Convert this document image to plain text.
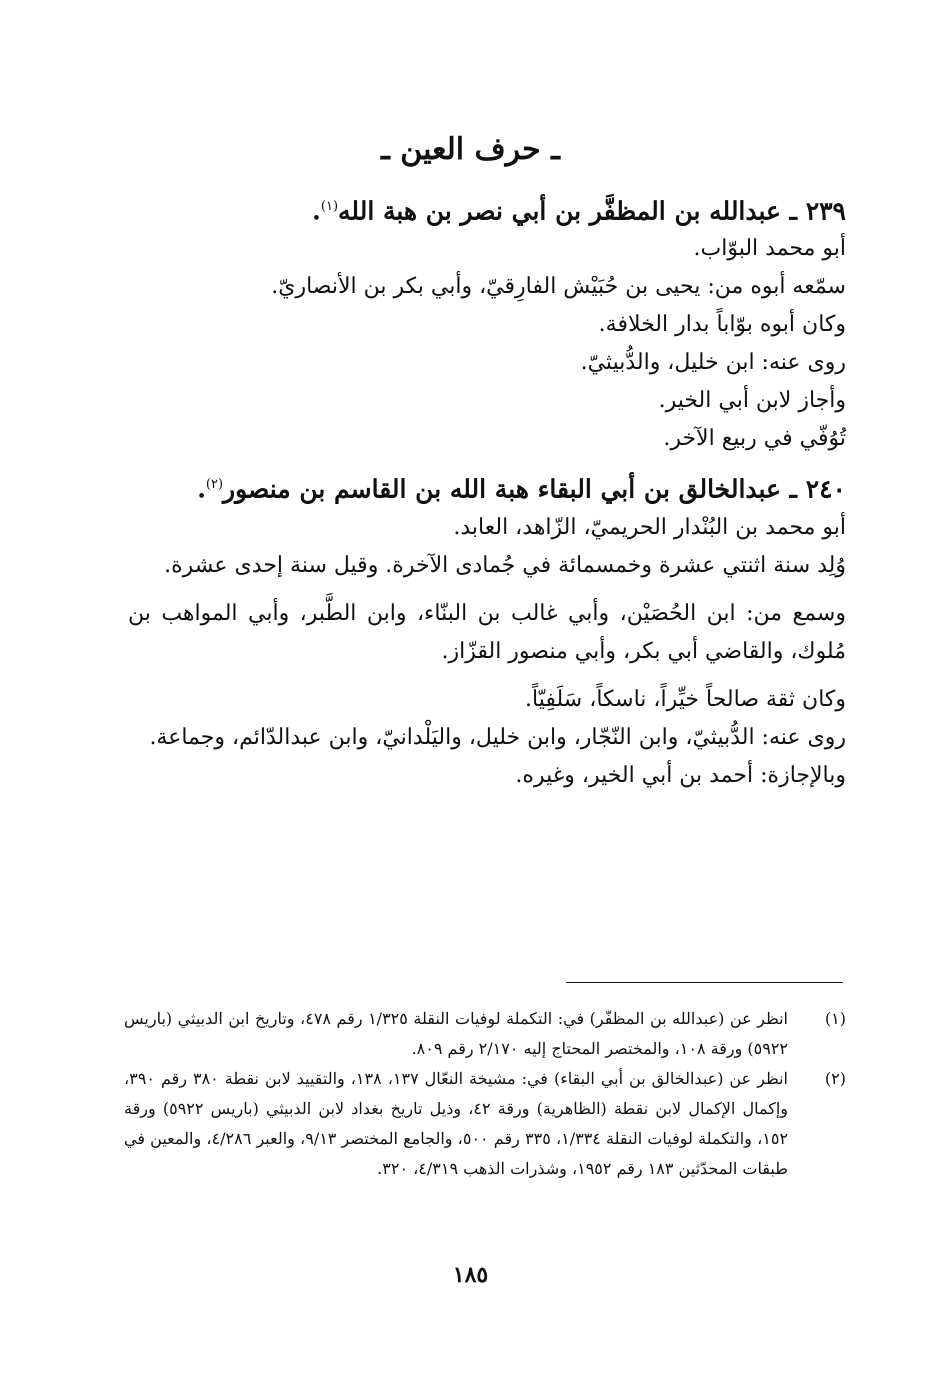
ـ حرف العين ـ

٢٣٩ ـ عبدالله بن المظفَّر بن أبي نصر بن هبة الله$^{(١)}$.

أبو محمد البوّاب.

سمّعه أبوه من: يحيى بن حُبَيْش الفارِقيّ، وأبي بكر بن الأنصاريّ.

وكان أبوه بوّاباً بدار الخلافة.

روى عنه: ابن خليل، والدُّبيثيّ.

وأجاز لابن أبي الخير.

تُوُفّي في ربيع الآخر.

٢٤٠ ـ عبدالخالق بن أبي البقاء هبة الله بن القاسم بن منصور$^{(٢)}$.

أبو محمد بن البُنْدار الحريميّ، الزّاهد، العابد.

وُلِد سنة اثنتي عشرة وخمسمائة في جُمادى الآخرة. وقيل سنة إحدى عشرة.

وسمع من: ابن الحُصَيْن، وأبي غالب بن البنّاء، وابن الطَّبر، وأبي المواهب بن مُلوك، والقاضي أبي بكر، وأبي منصور القزّاز.

وكان ثقة صالحاً خيِّراً، ناسكاً، سَلَفِيّاً.

روى عنه: الدُّبيثيّ، وابن النّجّار، وابن خليل، واليَلْدانيّ، وابن عبدالدّائم، وجماعة.

وبالإجازة: أحمد بن أبي الخير، وغيره.

(١)
انظر عن (عبدالله بن المظفّر) في: التكملة لوفيات النقلة ١/٣٢٥ رقم ٤٧٨، وتاريخ ابن الدبيثي (باريس ٥٩٢٢) ورقة ١٠٨، والمختصر المحتاج إليه ٢/١٧٠ رقم ٨٠٩.
(٢)
انظر عن (عبدالخالق بن أبي البقاء) في: مشيخة النعّال ١٣٧، ١٣٨، والتقييد لابن نقطة ٣٨٠ رقم ٣٩٠، وإكمال الإكمال لابن نقطة (الظاهرية) ورقة ٤٢، وذيل تاريخ بغداد لابن الدبيثي (باريس ٥٩٢٢) ورقة ١٥٢، والتكملة لوفيات النقلة ١/٣٣٤، ٣٣٥ رقم ٥٠٠، والجامع المختصر ٩/١٣، والعبر ٤/٢٨٦، والمعين في طبقات المحدّثين ١٨٣ رقم ١٩٥٢، وشذرات الذهب ٤/٣١٩، ٣٢٠.
١٨٥
